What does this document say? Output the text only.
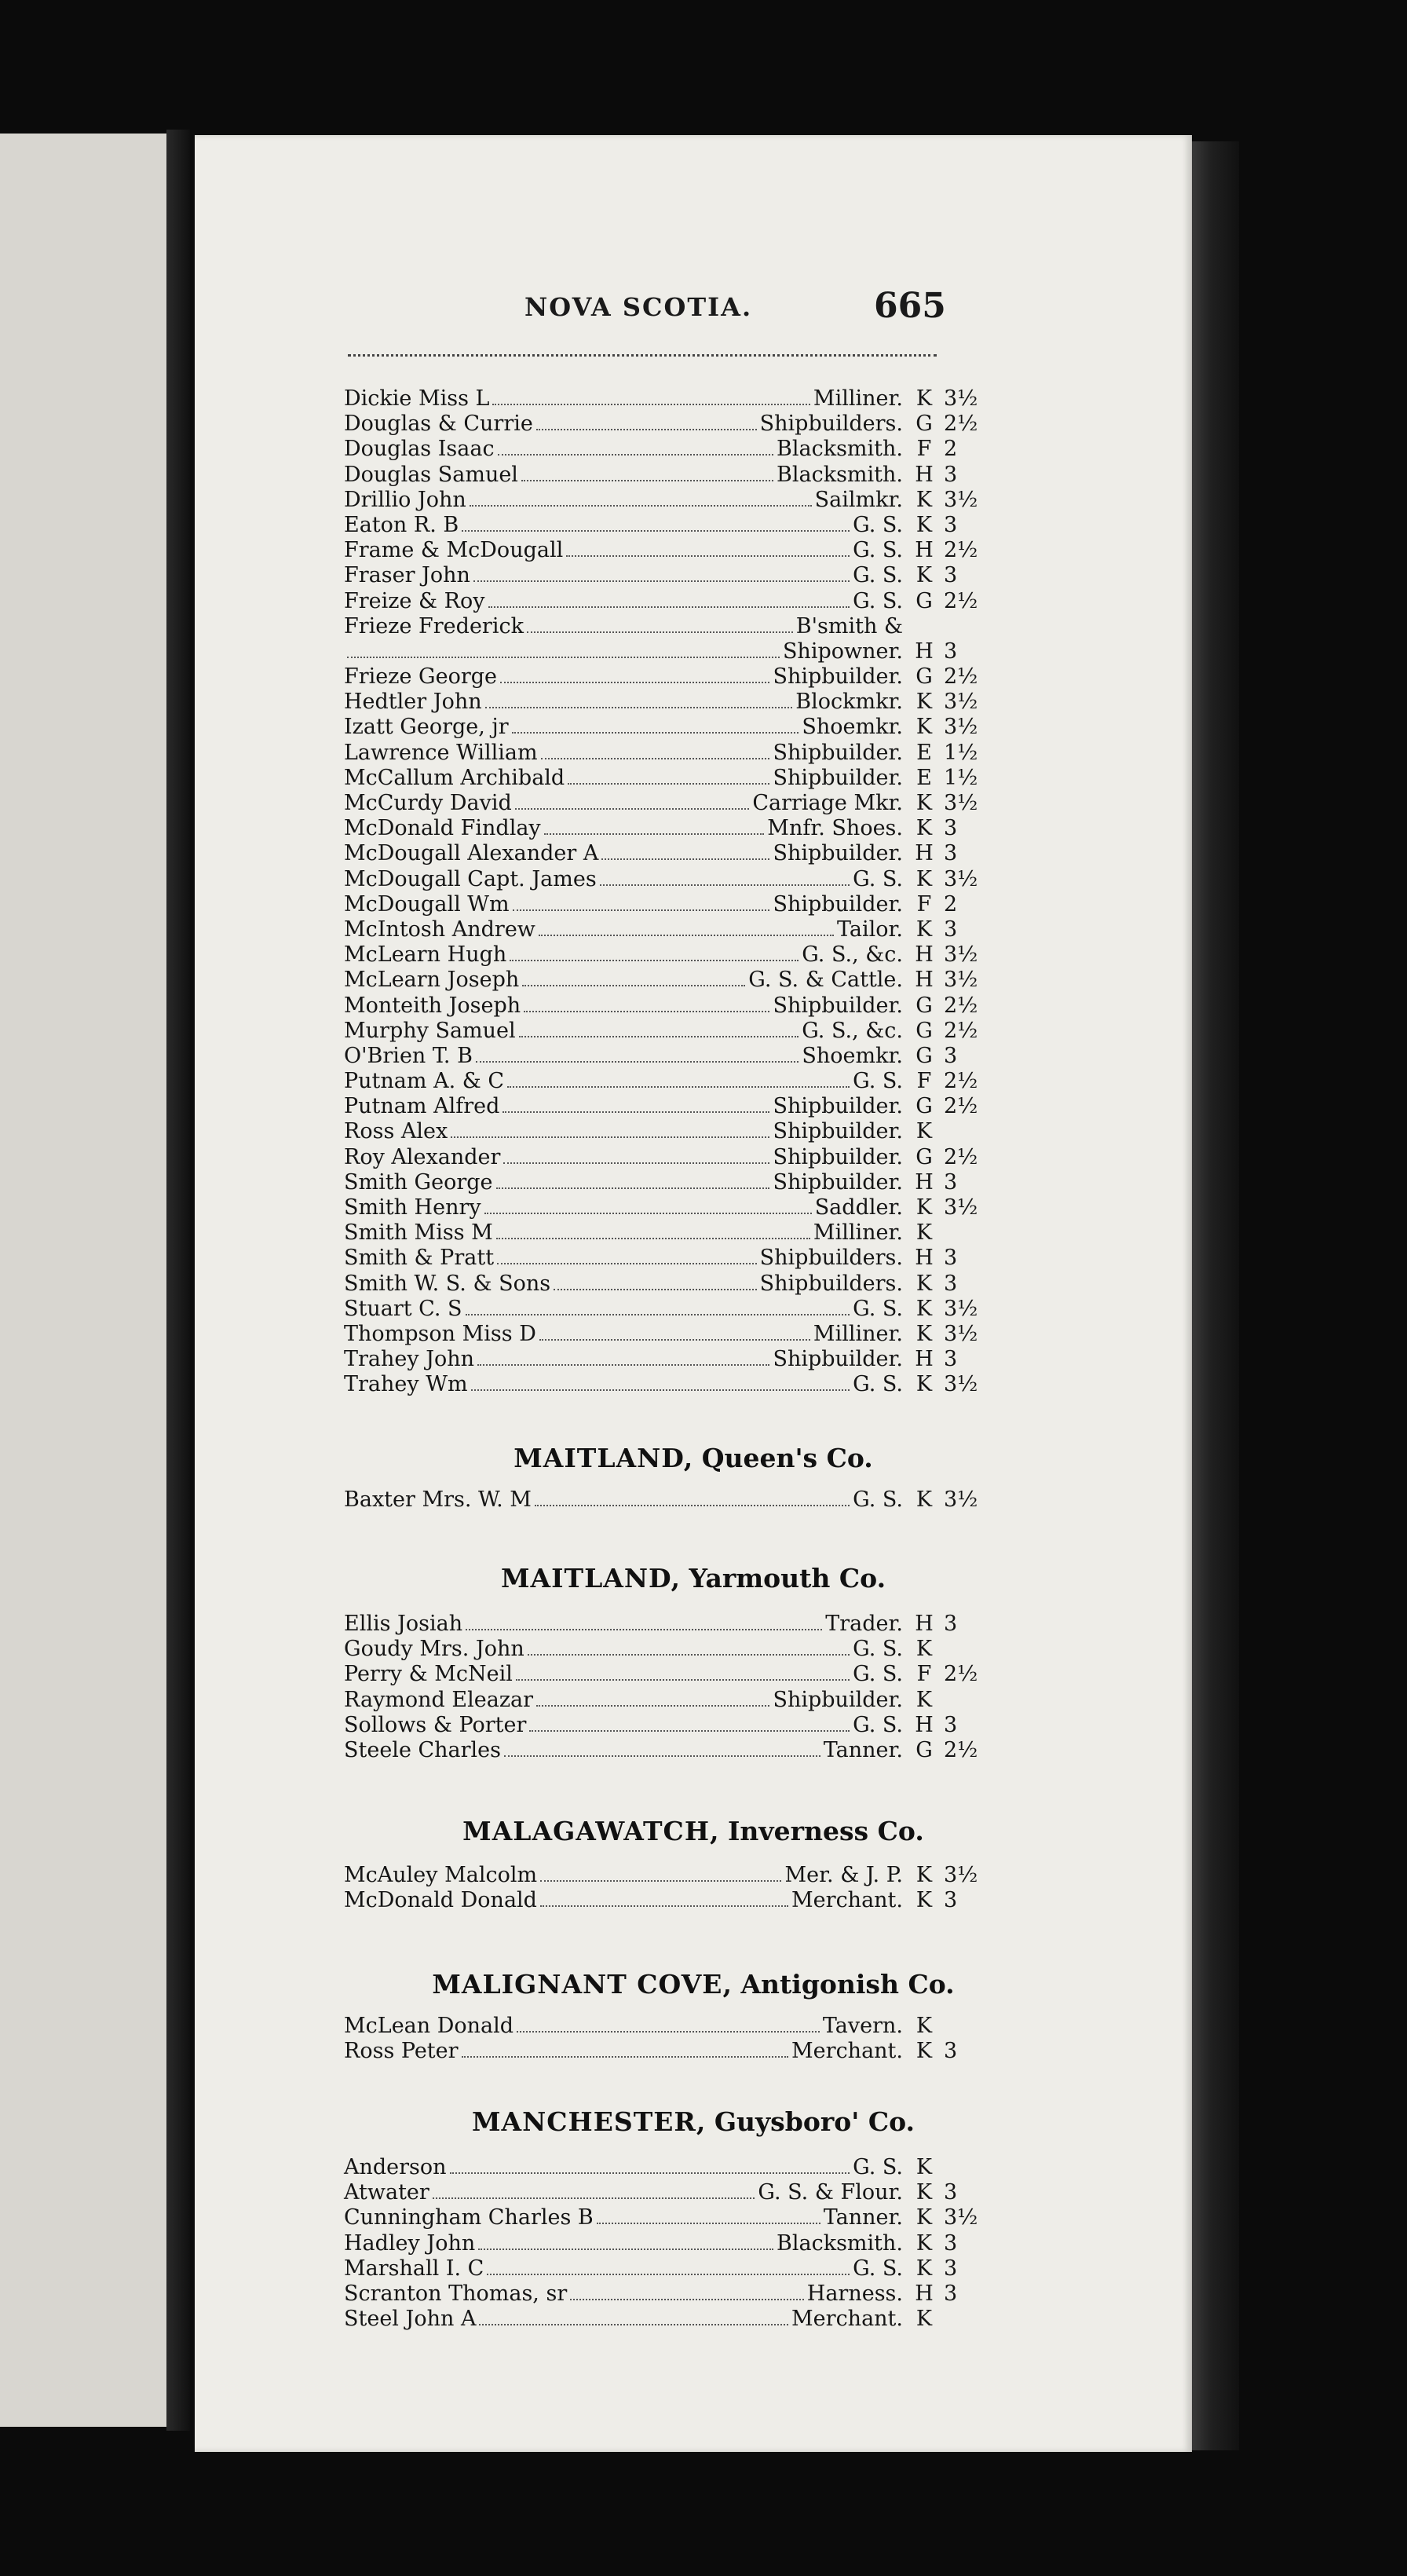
NOVA SCOTIA.	665
Dickie Miss L	Milliner. K 3½
Douglas & Currie	Shipbuilders. G 2½
Douglas Isaac	Blacksmith. F 2
Douglas Samuel	Blacksmith. H 3
Drillio John	Sailmkr. K 3½
Eaton R. B	G. S. K 3
Frame & McDougall	G. S. H 2½
Fraser John	G. S. K 3
Freize & Roy	G. S. G 2½
Frieze Frederick	B'smith &
Shipowner. H 3
Frieze George	Shipbuilder. G 2½
Hedtler John	Blockmkr. K 3½
Izatt George, jr	Shoemkr. K 3½
Lawrence William	Shipbuilder. E 1½
McCallum Archibald	Shipbuilder. E 1½
McCurdy David	Carriage Mkr. K 3½
McDonald Findlay	Mnfr. Shoes. K 3
McDougall Alexander A	Shipbuilder. H 3
McDougall Capt. James	G. S. K 3½
McDougall Wm	Shipbuilder. F 2
McIntosh Andrew	Tailor. K 3
McLearn Hugh	G. S., &c. H 3½
McLearn Joseph	G. S. & Cattle. H 3½
Monteith Joseph	Shipbuilder. G 2½
Murphy Samuel	G. S., &c. G 2½
O'Brien T. B	Shoemkr. G 3
Putnam A. & C	G. S. F 2½
Putnam Alfred	Shipbuilder. G 2½
Ross Alex	Shipbuilder. K
Roy Alexander	Shipbuilder. G 2½
Smith George	Shipbuilder. H 3
Smith Henry	Saddler. K 3½
Smith Miss M	Milliner. K
Smith & Pratt	Shipbuilders. H 3
Smith W. S. & Sons	Shipbuilders. K 3
Stuart C. S	G. S. K 3½
Thompson Miss D	Milliner. K 3½
Trahey John	Shipbuilder. H 3
Trahey Wm	G. S. K 3½
MAITLAND, Queen's Co.
Baxter Mrs. W. M	G. S. K 3½
MAITLAND, Yarmouth Co.
Ellis Josiah	Trader. H 3
Goudy Mrs. John	G. S. K
Perry & McNeil	G. S. F 2½
Raymond Eleazar	Shipbuilder. K
Sollows & Porter	G. S. H 3
Steele Charles	Tanner. G 2½
MALAGAWATCH, Inverness Co.
McAuley Malcolm	Mer. & J. P. K 3½
McDonald Donald	Merchant. K 3
MALIGNANT COVE, Antigonish Co.
McLean Donald	Tavern. K
Ross Peter	Merchant. K 3
MANCHESTER, Guysboro' Co.
Anderson	G. S. K
Atwater	G. S. & Flour. K 3
Cunningham Charles B	Tanner. K 3½
Hadley John	Blacksmith. K 3
Marshall I. C	G. S. K 3
Scranton Thomas, sr	Harness. H 3
Steel John A	Merchant. K
